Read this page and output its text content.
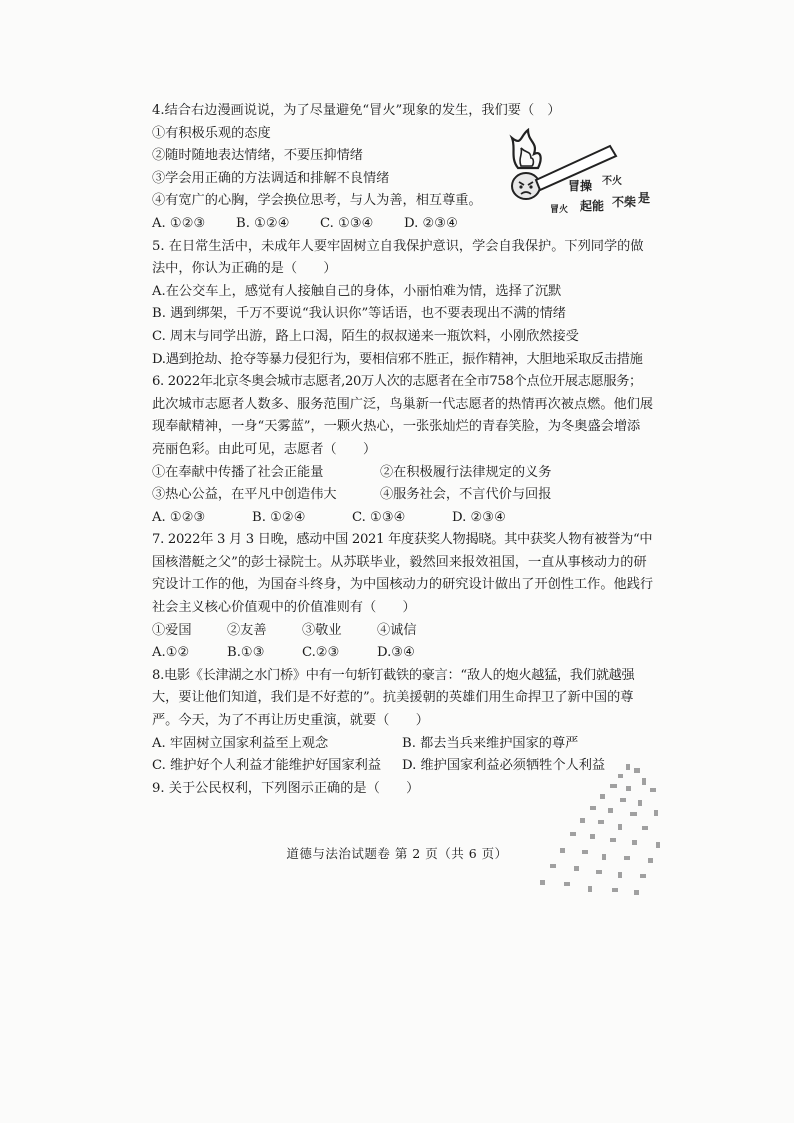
4.结合右边漫画说说，为了尽量避免“冒火”现象的发生，我们要（　）
①有积极乐观的态度
②随时随地表达情绪，不要压抑情绪
③学会用正确的方法调适和排解不良情绪
④有宽广的心胸，学会换位思考，与人为善，相互尊重。
A. ①②③	B. ①②④	C. ①③④	D. ②③④
5. 在日常生活中，未成年人要牢固树立自我保护意识，学会自我保护。下列同学的做
法中，你认为正确的是（　　）
A.在公交车上，感觉有人接触自己的身体，小丽怕难为情，选择了沉默
B. 遇到绑架，千万不要说“我认识你”等话语，也不要表现出不满的情绪
C. 周末与同学出游，路上口渴，陌生的叔叔递来一瓶饮料，小刚欣然接受
D.遇到抢劫、抢夺等暴力侵犯行为，要相信邪不胜正，振作精神，大胆地采取反击措施
6. 2022年北京冬奥会城市志愿者,20万人次的志愿者在全市758个点位开展志愿服务；
此次城市志愿者人数多、服务范围广泛，鸟巢新一代志愿者的热情再次被点燃。他们展
现奉献精神，一身“天雾蓝”，一颗火热心，一张张灿烂的青春笑脸，为冬奥盛会增添
亮丽色彩。由此可见，志愿者（　　）
①在奉献中传播了社会正能量	②在积极履行法律规定的义务
③热心公益，在平凡中创造伟大	④服务社会，不言代价与回报
A. ①②③	B. ①②④	C. ①③④	D. ②③④
7. 2022年 3 月 3 日晚，感动中国 2021 年度获奖人物揭晓。其中获奖人物有被誉为“中
国核潜艇之父”的彭士禄院士。从苏联毕业，毅然回来报效祖国，一直从事核动力的研
究设计工作的他，为国奋斗终身，为中国核动力的研究设计做出了开创性工作。他践行
社会主义核心价值观中的价值准则有（　　）
①爱国	②友善	③敬业	④诚信
A.①②	B.①③	C.②③	D.③④
8.电影《长津湖之水门桥》中有一句斩钉截铁的豪言：“敌人的炮火越猛，我们就越强
大，要让他们知道，我们是不好惹的”。抗美援朝的英雄们用生命捍卫了新中国的尊
严。今天，为了不再让历史重演，就要（　　）
A. 牢固树立国家利益至上观念	B. 都去当兵来维护国家的尊严
C. 维护好个人利益才能维护好国家利益	D. 维护国家利益必须牺牲个人利益
9. 关于公民权利，下列图示正确的是（　　）
冒操 不火
冒火 起能 不柴 是
道德与法治试题卷 第 2 页（共 6 页）
